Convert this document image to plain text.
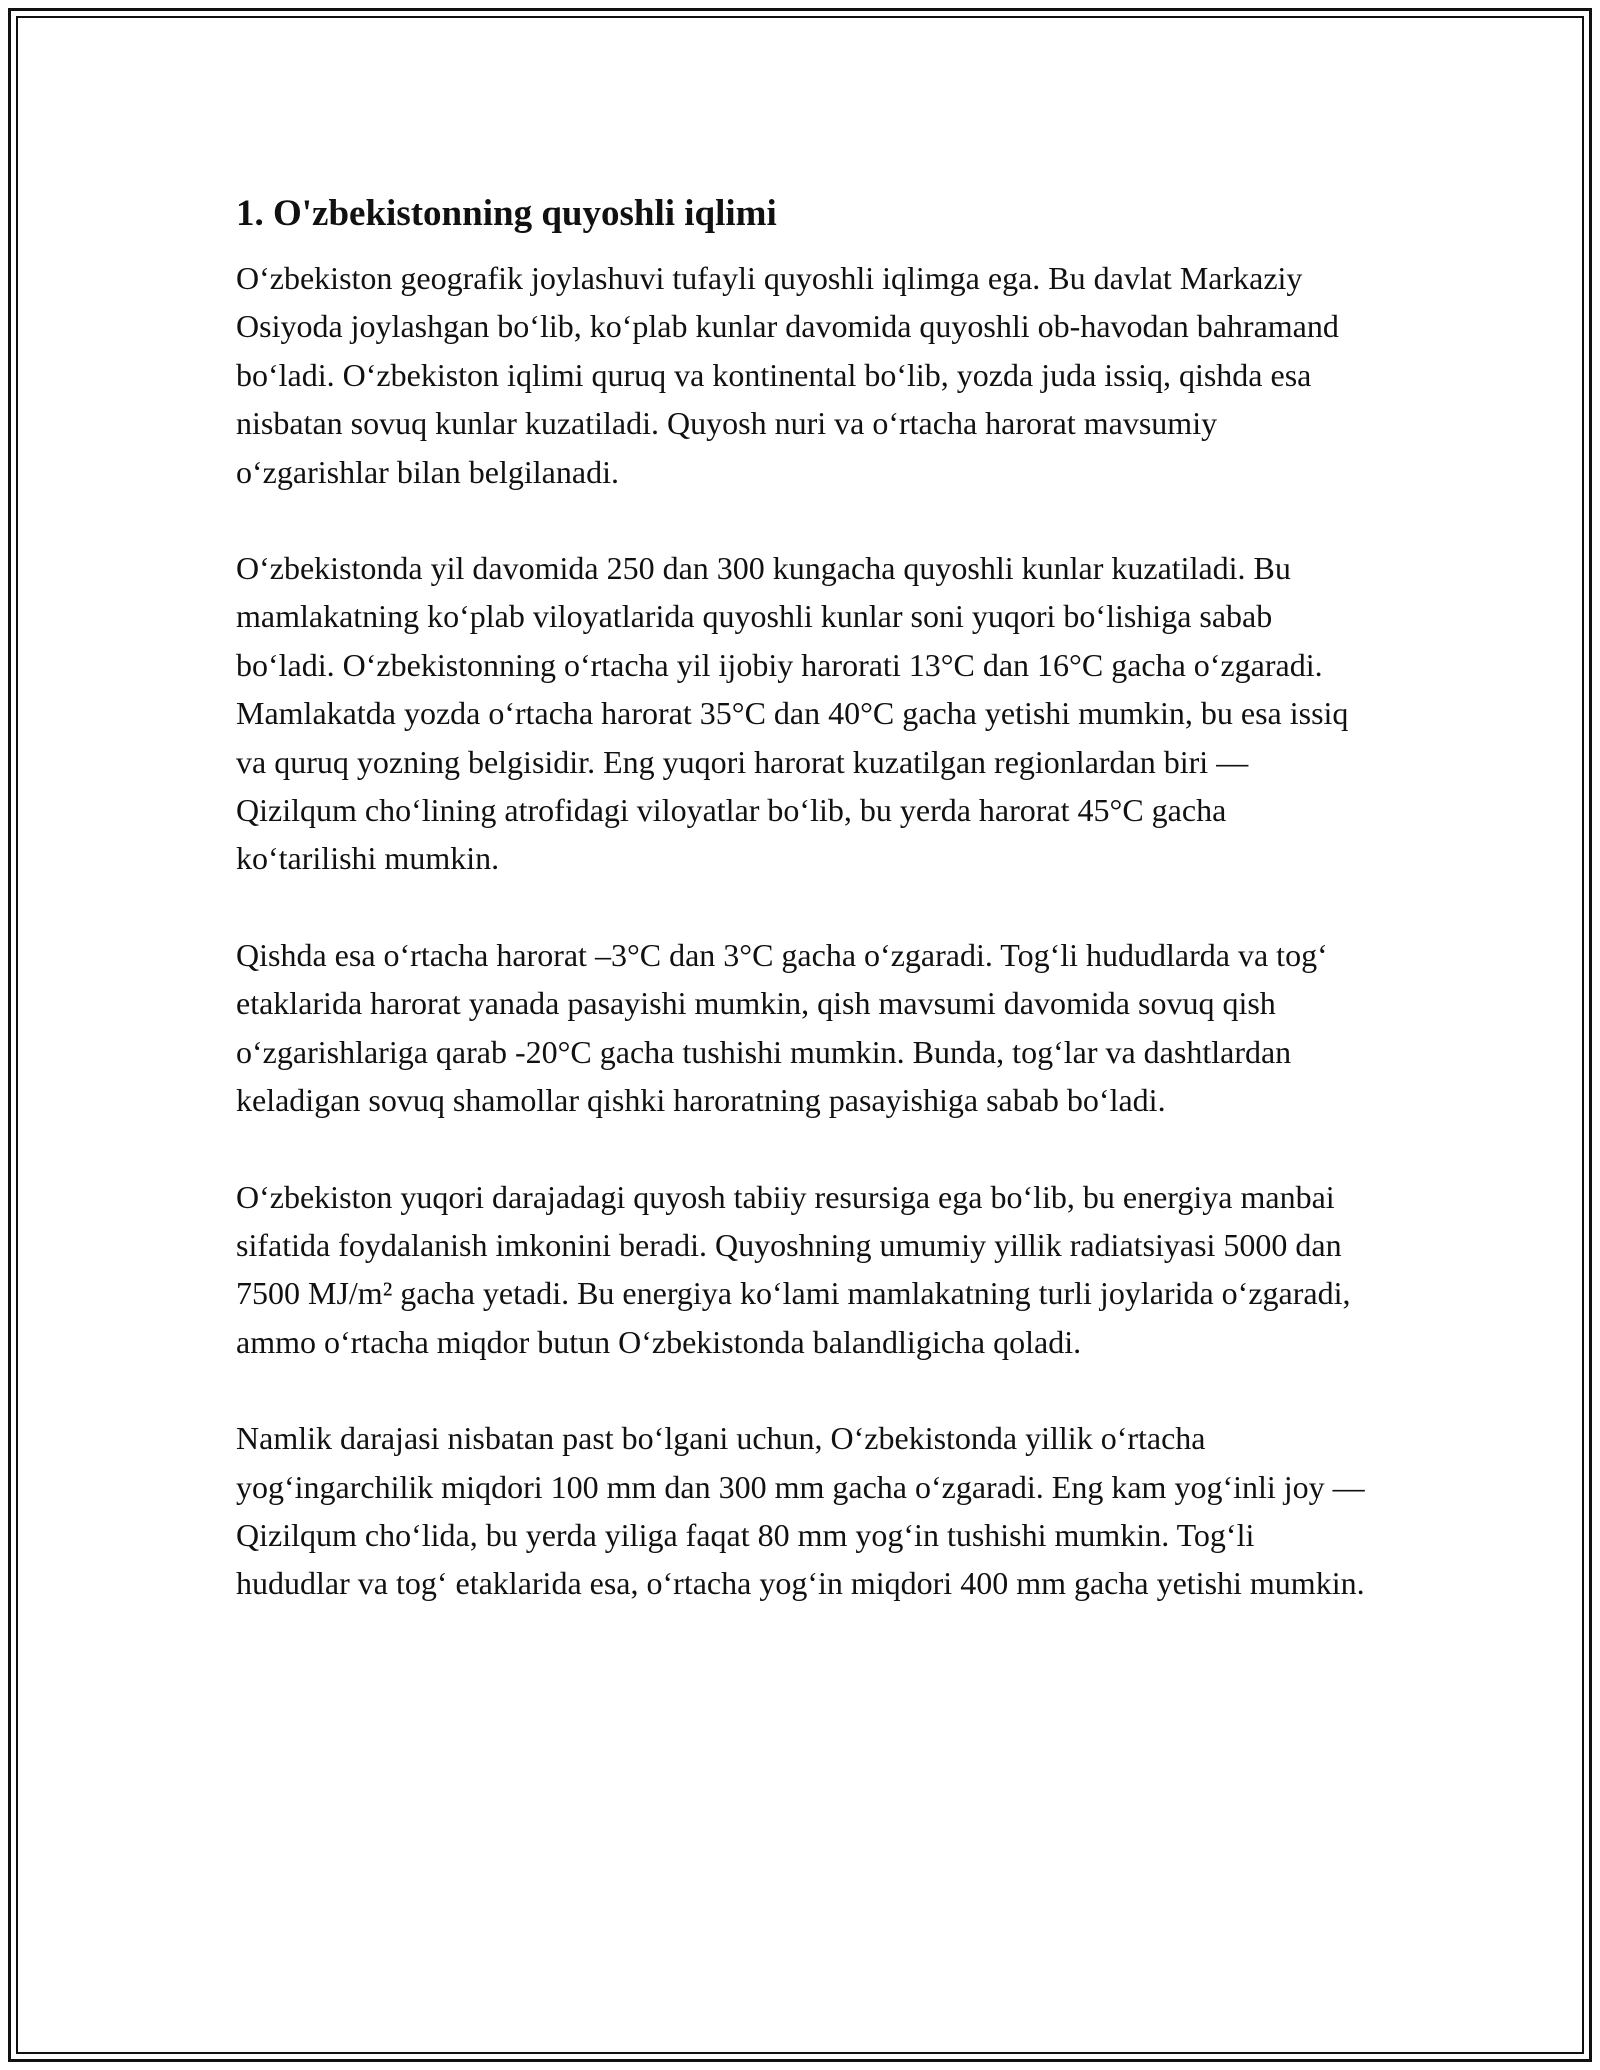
1. O'zbekistonning quyoshli iqlimi

O‘zbekiston geografik joylashuvi tufayli quyoshli iqlimga ega. Bu davlat Markaziy Osiyoda joylashgan bo‘lib, ko‘plab kunlar davomida quyoshli ob-havodan bahramand bo‘ladi. O‘zbekiston iqlimi quruq va kontinental bo‘lib, yozda juda issiq, qishda esa nisbatan sovuq kunlar kuzatiladi. Quyosh nuri va o‘rtacha harorat mavsumiy o‘zgarishlar bilan belgilanadi.

O‘zbekistonda yil davomida 250 dan 300 kungacha quyoshli kunlar kuzatiladi. Bu mamlakatning ko‘plab viloyatlarida quyoshli kunlar soni yuqori bo‘lishiga sabab bo‘ladi. O‘zbekistonning o‘rtacha yil ijobiy harorati 13°C dan 16°C gacha o‘zgaradi. Mamlakatda yozda o‘rtacha harorat 35°C dan 40°C gacha yetishi mumkin, bu esa issiq va quruq yozning belgisidir. Eng yuqori harorat kuzatilgan regionlardan biri — Qizilqum cho‘lining atrofidagi viloyatlar bo‘lib, bu yerda harorat 45°C gacha ko‘tarilishi mumkin.

Qishda esa o‘rtacha harorat –3°C dan 3°C gacha o‘zgaradi. Tog‘li hududlarda va tog‘ etaklarida harorat yanada pasayishi mumkin, qish mavsumi davomida sovuq qish o‘zgarishlariga qarab -20°C gacha tushishi mumkin. Bunda, tog‘lar va dashtlardan keladigan sovuq shamollar qishki haroratning pasayishiga sabab bo‘ladi.

O‘zbekiston yuqori darajadagi quyosh tabiiy resursiga ega bo‘lib, bu energiya manbai sifatida foydalanish imkonini beradi. Quyoshning umumiy yillik radiatsiyasi 5000 dan 7500 MJ/m² gacha yetadi. Bu energiya ko‘lami mamlakatning turli joylarida o‘zgaradi, ammo o‘rtacha miqdor butun O‘zbekistonda balandligicha qoladi.

Namlik darajasi nisbatan past bo‘lgani uchun, O‘zbekistonda yillik o‘rtacha yog‘ingarchilik miqdori 100 mm dan 300 mm gacha o‘zgaradi. Eng kam yog‘inli joy — Qizilqum cho‘lida, bu yerda yiliga faqat 80 mm yog‘in tushishi mumkin. Tog‘li hududlar va tog‘ etaklarida esa, o‘rtacha yog‘in miqdori 400 mm gacha yetishi mumkin.
